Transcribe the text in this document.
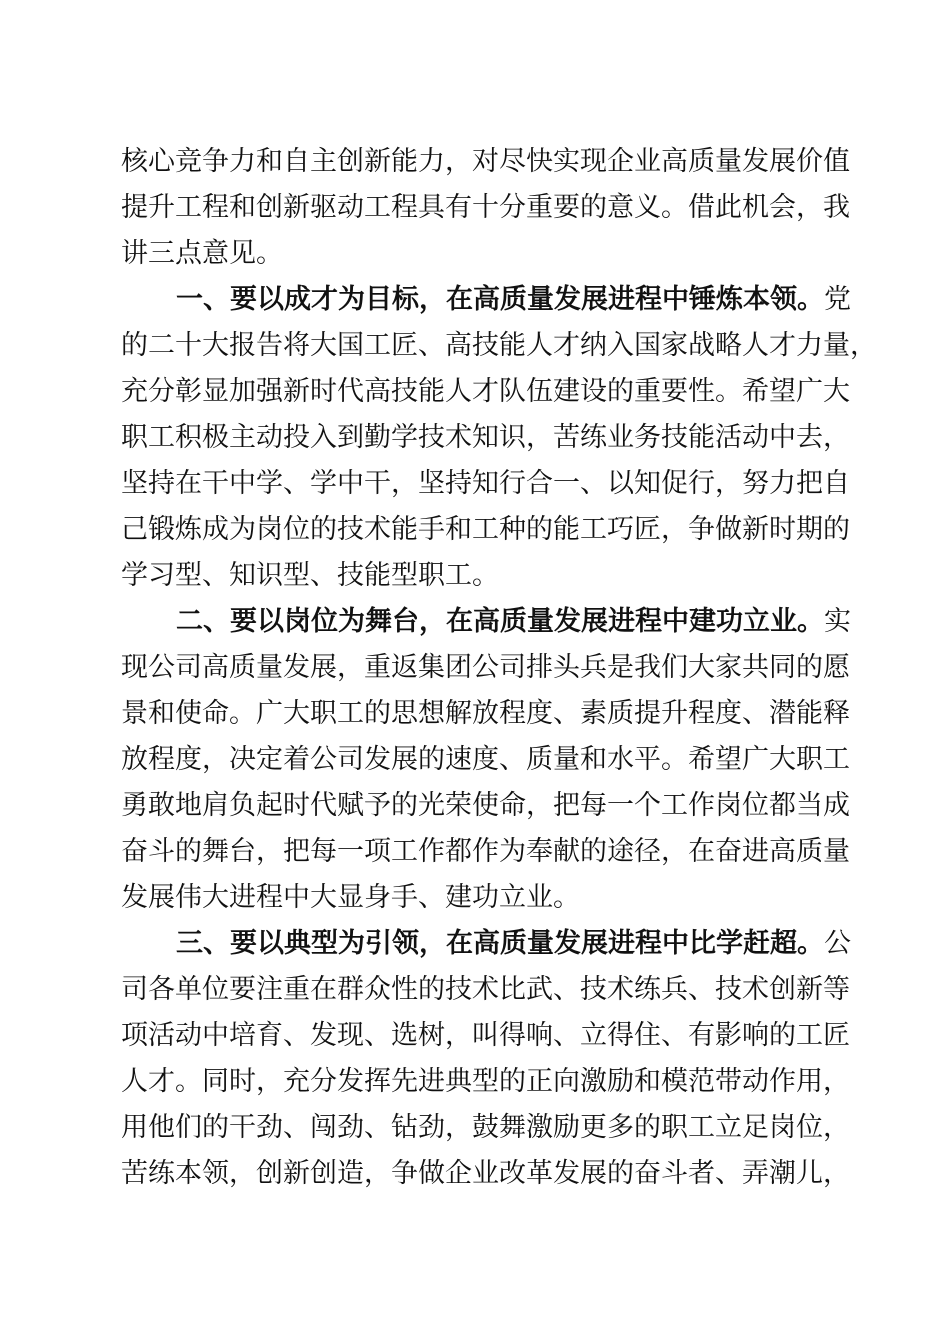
核心竞争力和自主创新能力，对尽快实现企业高质量发展价值
提升工程和创新驱动工程具有十分重要的意义。借此机会，我
讲三点意见。
一、要以成才为目标，在高质量发展进程中锤炼本领。党
的二十大报告将大国工匠、高技能人才纳入国家战略人才力量，
充分彰显加强新时代高技能人才队伍建设的重要性。希望广大
职工积极主动投入到勤学技术知识，苦练业务技能活动中去，
坚持在干中学、学中干，坚持知行合一、以知促行，努力把自
己锻炼成为岗位的技术能手和工种的能工巧匠，争做新时期的
学习型、知识型、技能型职工。
二、要以岗位为舞台，在高质量发展进程中建功立业。实
现公司高质量发展，重返集团公司排头兵是我们大家共同的愿
景和使命。广大职工的思想解放程度、素质提升程度、潜能释
放程度，决定着公司发展的速度、质量和水平。希望广大职工
勇敢地肩负起时代赋予的光荣使命，把每一个工作岗位都当成
奋斗的舞台，把每一项工作都作为奉献的途径，在奋进高质量
发展伟大进程中大显身手、建功立业。
三、要以典型为引领，在高质量发展进程中比学赶超。公
司各单位要注重在群众性的技术比武、技术练兵、技术创新等
项活动中培育、发现、选树，叫得响、立得住、有影响的工匠
人才。同时，充分发挥先进典型的正向激励和模范带动作用，
用他们的干劲、闯劲、钻劲，鼓舞激励更多的职工立足岗位，
苦练本领，创新创造，争做企业改革发展的奋斗者、弄潮儿，
